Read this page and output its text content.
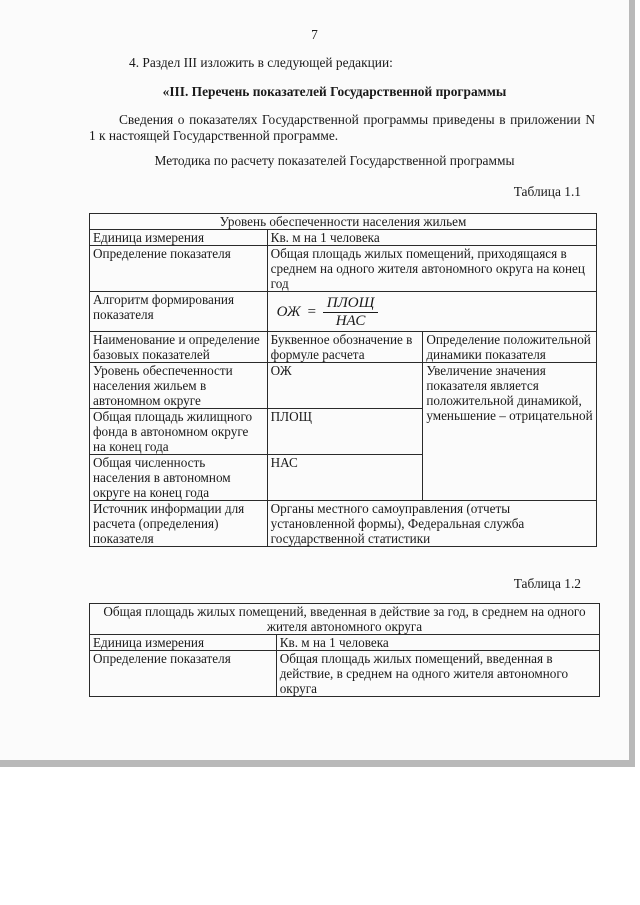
7
4. Раздел III изложить в следующей редакции:
«III. Перечень показателей Государственной программы
Сведения о показателях Государственной программы приведены в приложении N 1 к настоящей Государственной программе.
Методика по расчету показателей Государственной программы
Таблица 1.1
Уровень обеспеченности населения жильем		
Единица измерения	Кв. м на 1 человека	
Определение показателя	Общая площадь жилых помещений, приходящаяся в среднем на одного жителя автономного округа на конец год	
Алгоритм формирования показателя	ОЖ = $\frac{\text{ПЛОЩ}}{\text{НАС}}$

Наименование и определение базовых показателей	Буквенное обозначение в формуле расчета	Определение положительной динамики показателя
Уровень обеспеченности населения жильем в автономном округе	ОЖ	Увеличение значения показателя является положительной динамикой, уменьшение – отрицательной
Общая площадь жилищного фонда в автономном округе на конец года	ПЛОЩ	
Общая численность населения в автономном округе на конец года	НАС	
Источник информации для расчета (определения) показателя	Органы местного самоуправления (отчеты установленной формы), Федеральная служба государственной статистики	
Таблица 1.2
Общая площадь жилых помещений, введенная в действие за год, в среднем на одного жителя автономного округа	
Единица измерения	Кв. м на 1 человека
Определение показателя	Общая площадь жилых помещений, введенная в действие, в среднем на одного жителя автономного округа
